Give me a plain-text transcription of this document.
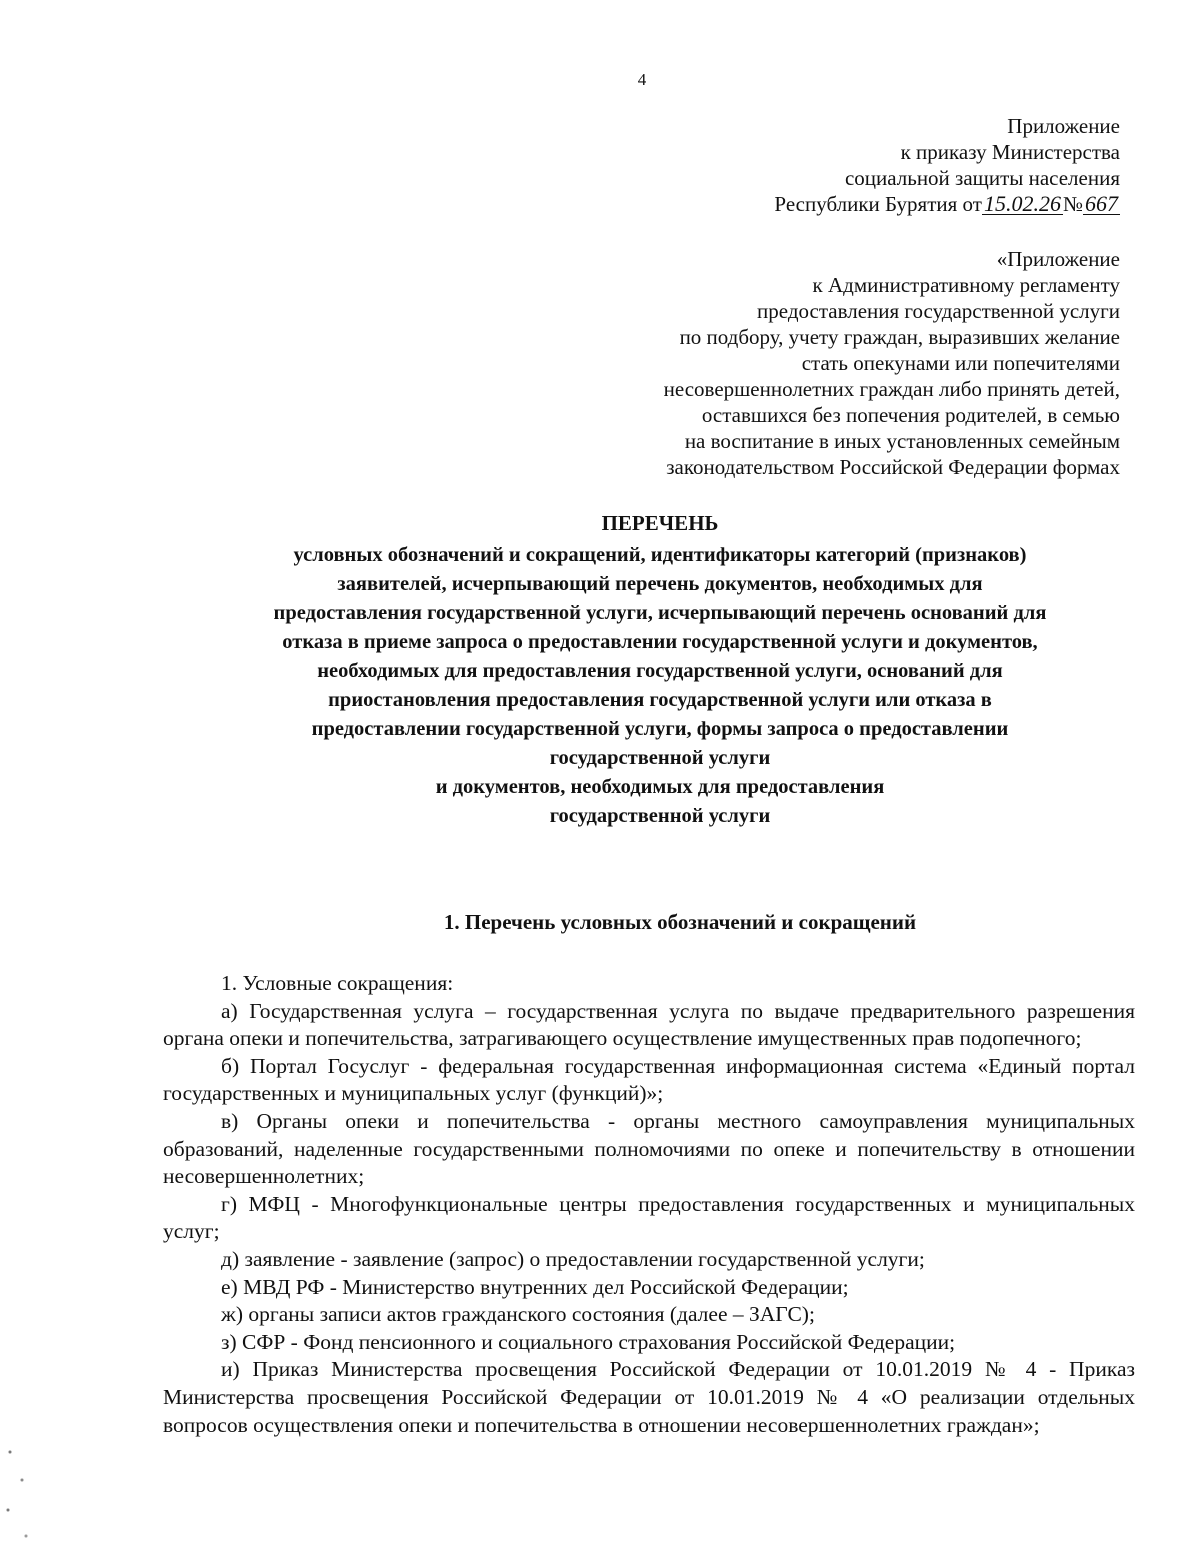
4
Приложение
к приказу Министерства
социальной защиты населения
Республики Бурятия от15.02.26№667
«Приложение
к Административному регламенту
предоставления государственной услуги
по подбору, учету граждан, выразивших желание
стать опекунами или попечителями
несовершеннолетних граждан либо принять детей,
оставшихся без попечения родителей, в семью
на воспитание в иных установленных семейным
законодательством Российской Федерации формах
ПЕРЕЧЕНЬ
условных обозначений и сокращений, идентификаторы категорий (признаков)
заявителей, исчерпывающий перечень документов, необходимых для
предоставления государственной услуги, исчерпывающий перечень оснований для
отказа в приеме запроса о предоставлении государственной услуги и документов,
необходимых для предоставления государственной услуги, оснований для
приостановления предоставления государственной услуги или отказа в
предоставлении государственной услуги, формы запроса о предоставлении
государственной услуги
и документов, необходимых для предоставления
государственной услуги
1. Перечень условных обозначений и сокращений

1. Условные сокращения:

а) Государственная услуга – государственная услуга по выдаче предварительного разрешения органа опеки и попечительства, затрагивающего осуществление имущественных прав подопечного;

б) Портал Госуслуг - федеральная государственная информационная система «Единый портал государственных и муниципальных услуг (функций)»;

в) Органы опеки и попечительства - органы местного самоуправления муниципальных образований, наделенные государственными полномочиями по опеке и попечительству в отношении несовершеннолетних;

г) МФЦ - Многофункциональные центры предоставления государственных и муниципальных услуг;

д) заявление - заявление (запрос) о предоставлении государственной услуги;

е) МВД РФ - Министерство внутренних дел Российской Федерации;

ж) органы записи актов гражданского состояния (далее – ЗАГС);

з) СФР - Фонд пенсионного и социального страхования Российской Федерации;

и) Приказ Министерства просвещения Российской Федерации от 10.01.2019 № 4 - Приказ Министерства просвещения Российской Федерации от 10.01.2019 № 4 «О реализации отдельных вопросов осуществления опеки и попечительства в отношении несовершеннолетних граждан»;
